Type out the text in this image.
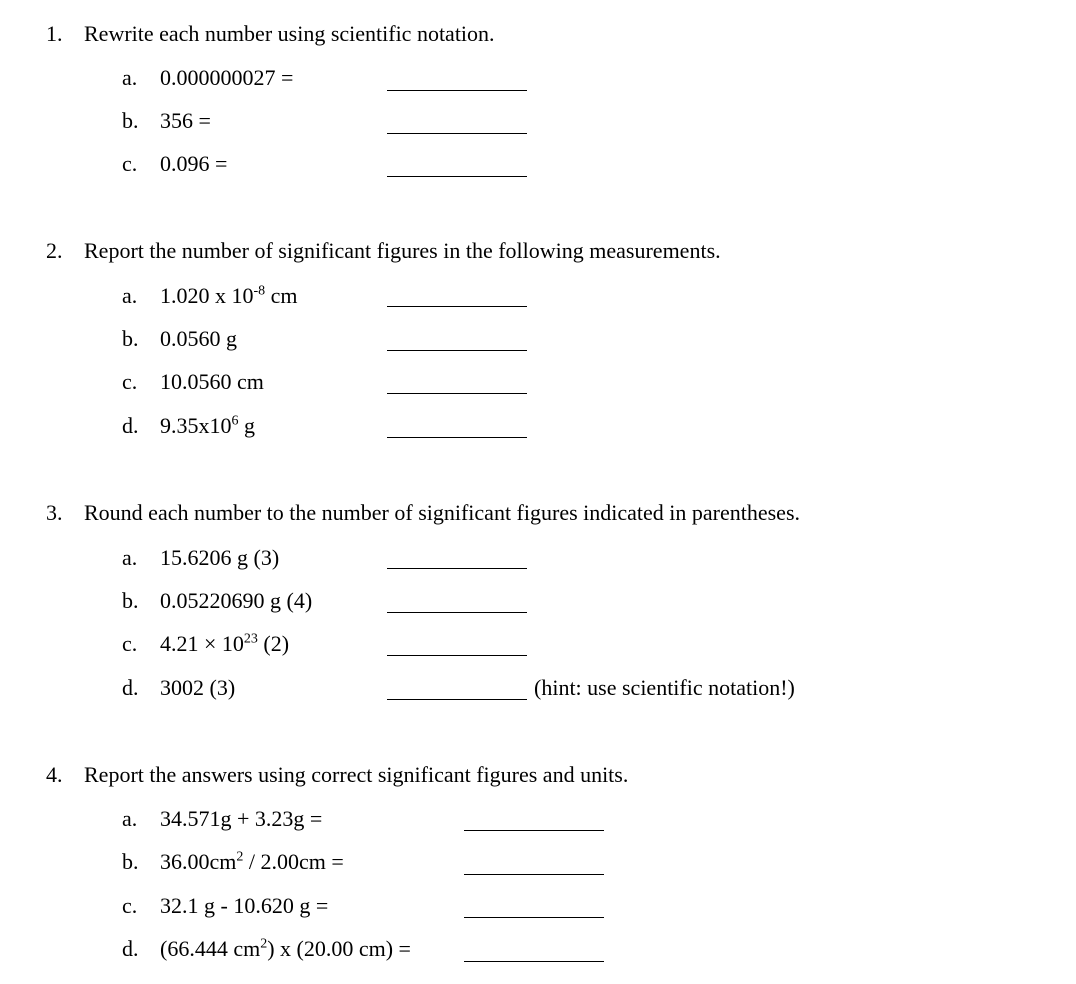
1. Rewrite each number using scientific notation.
a. 0.000000027 =
b. 356 =
c. 0.096 =
2. Report the number of significant figures in the following measurements.
a. 1.020 x $10^{-8}$ cm
b. 0.0560 g
c. 10.0560 cm
d. $9.35x10^6$ g
3. Round each number to the number of significant figures indicated in parentheses.
a. 15.6206 g (3)
b. 0.05220690 g (4)
c. $4.21 \times 10^{23}$ (2)
d. 3002 (3)	(hint: use scientific notation!)
4. Report the answers using correct significant figures and units.
a. 34.571g + 3.23g =
b. $36.00cm^2 / 2.00cm$ =
c. 32.1 g - 10.620 g =
d. (66.444 $cm^2$) x (20.00 cm) =
